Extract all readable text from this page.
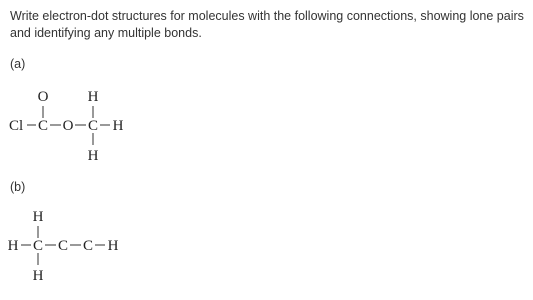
Write electron-dot structures for molecules with the following connections, showing lone pairs and identifying any multiple bonds.

(a)
O	H
Cl C O C H
H
(b)
H
H C C C H
H
